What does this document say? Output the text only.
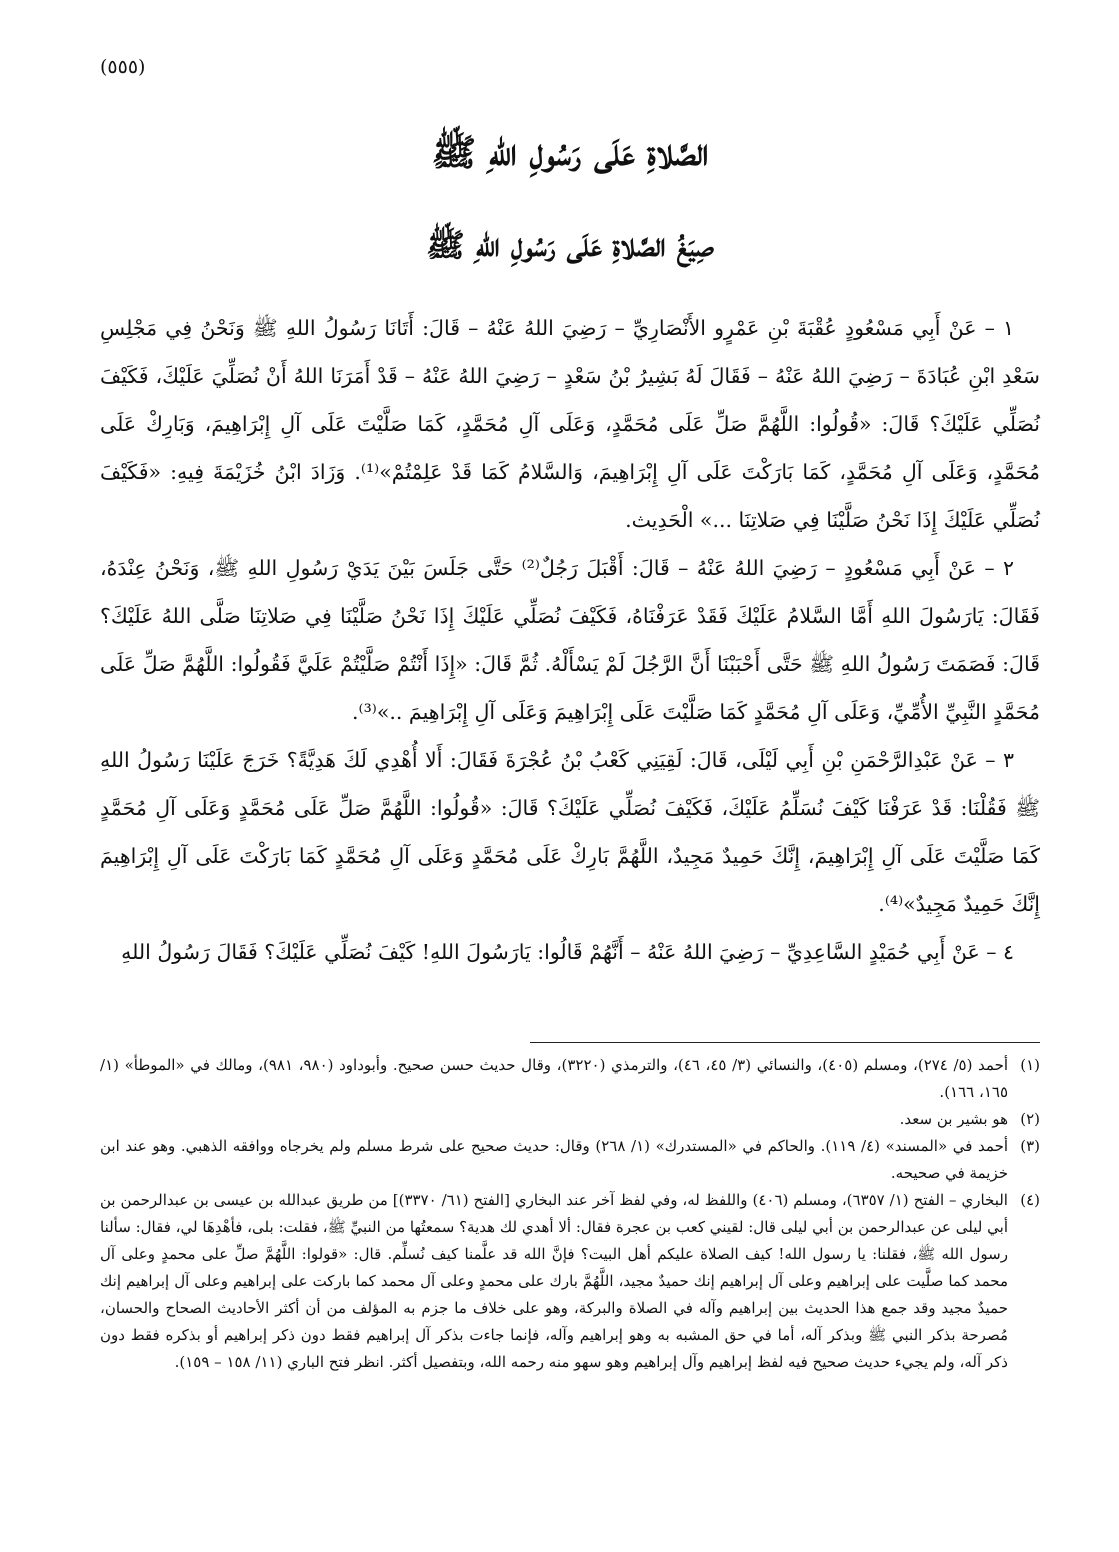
(٥٥٥)
الصَّلاةِ عَلَى رَسُولِ اللهِ ﷺ
صِيَغُ الصَّلاةِ عَلَى رَسُولِ اللهِ ﷺ

١ – عَنْ أَبِي مَسْعُودٍ عُقْبَةَ بْنِ عَمْرٍو الأَنْصَارِيِّ – رَضِيَ اللهُ عَنْهُ – قَالَ: أَتَانَا رَسُولُ اللهِ ﷺ وَنَحْنُ فِي مَجْلِسِ سَعْدِ ابْنِ عُبَادَةَ – رَضِيَ اللهُ عَنْهُ – فَقَالَ لَهُ بَشِيرُ بْنُ سَعْدٍ – رَضِيَ اللهُ عَنْهُ – قَدْ أَمَرَنَا اللهُ أَنْ نُصَلِّيَ عَلَيْكَ، فَكَيْفَ نُصَلِّي عَلَيْكَ؟ قَالَ: «قُولُوا: اللَّهُمَّ صَلِّ عَلَى مُحَمَّدٍ، وَعَلَى آلِ مُحَمَّدٍ، كَمَا صَلَّيْتَ عَلَى آلِ إِبْرَاهِيمَ، وَبَارِكْ عَلَى مُحَمَّدٍ، وَعَلَى آلِ مُحَمَّدٍ، كَمَا بَارَكْتَ عَلَى آلِ إِبْرَاهِيمَ، وَالسَّلامُ كَمَا قَدْ عَلِمْتُمْ»⁽¹⁾. وَزَادَ ابْنُ خُزَيْمَةَ فِيهِ: «فَكَيْفَ نُصَلِّي عَلَيْكَ إِذَا نَحْنُ صَلَّيْنَا فِي صَلاتِنَا ...» الْحَدِيث.

٢ – عَنْ أَبِي مَسْعُودٍ – رَضِيَ اللهُ عَنْهُ – قَالَ: أَقْبَلَ رَجُلٌ⁽²⁾ حَتَّى جَلَسَ بَيْنَ يَدَيْ رَسُولِ اللهِ ﷺ، وَنَحْنُ عِنْدَهُ، فَقَالَ: يَارَسُولَ اللهِ أَمَّا السَّلامُ عَلَيْكَ فَقَدْ عَرَفْنَاهُ، فَكَيْفَ نُصَلِّي عَلَيْكَ إِذَا نَحْنُ صَلَّيْنَا فِي صَلاتِنَا صَلَّى اللهُ عَلَيْكَ؟ قَالَ: فَصَمَتَ رَسُولُ اللهِ ﷺ حَتَّى أَحْبَبْنَا أَنَّ الرَّجُلَ لَمْ يَسْأَلْهُ. ثُمَّ قَالَ: «إِذَا أَنْتُمْ صَلَّيْتُمْ عَلَيَّ فَقُولُوا: اللَّهُمَّ صَلِّ عَلَى مُحَمَّدٍ النَّبِيِّ الأُمِّيِّ، وَعَلَى آلِ مُحَمَّدٍ كَمَا صَلَّيْتَ عَلَى إِبْرَاهِيمَ وَعَلَى آلِ إِبْرَاهِيمَ ..»⁽³⁾.

٣ – عَنْ عَبْدِالرَّحْمَنِ بْنِ أَبِي لَيْلَى، قَالَ: لَقِيَنِي كَعْبُ بْنُ عُجْرَةَ فَقَالَ: أَلا أُهْدِي لَكَ هَدِيَّةً؟ خَرَجَ عَلَيْنَا رَسُولُ اللهِ ﷺ فَقُلْنَا: قَدْ عَرَفْنَا كَيْفَ نُسَلِّمُ عَلَيْكَ، فَكَيْفَ نُصَلِّي عَلَيْكَ؟ قَالَ: «قُولُوا: اللَّهُمَّ صَلِّ عَلَى مُحَمَّدٍ وَعَلَى آلِ مُحَمَّدٍ كَمَا صَلَّيْتَ عَلَى آلِ إِبْرَاهِيمَ، إِنَّكَ حَمِيدٌ مَجِيدٌ، اللَّهُمَّ بَارِكْ عَلَى مُحَمَّدٍ وَعَلَى آلِ مُحَمَّدٍ كَمَا بَارَكْتَ عَلَى آلِ إِبْرَاهِيمَ إِنَّكَ حَمِيدٌ مَجِيدٌ»⁽⁴⁾.

٤ – عَنْ أَبِي حُمَيْدٍ السَّاعِدِيِّ – رَضِيَ اللهُ عَنْهُ – أَنَّهُمْ قَالُوا: يَارَسُولَ اللهِ! كَيْفَ نُصَلِّي عَلَيْكَ؟ فَقَالَ رَسُولُ اللهِ

(١)
أحمد (٥/ ٢٧٤)، ومسلم (٤٠٥)، والنسائي (٣/ ٤٥، ٤٦)، والترمذي (٣٢٢٠)، وقال حديث حسن صحيح. وأبوداود (٩٨٠، ٩٨١)، ومالك في «الموطأ» (١/ ١٦٥، ١٦٦).

(٢)
هو بشير بن سعد.

(٣)
أحمد في «المسند» (٤/ ١١٩). والحاكم في «المستدرك» (١/ ٢٦٨) وقال: حديث صحيح على شرط مسلم ولم يخرجاه ووافقه الذهبي. وهو عند ابن خزيمة في صحيحه.

(٤)
البخاري – الفتح (١/ ٦٣٥٧)، ومسلم (٤٠٦) واللفظ له، وفي لفظ آخر عند البخاري [الفتح (٦١/ ٣٣٧٠)] من طريق عبدالله بن عيسى بن عبدالرحمن بن أبي ليلى عن عبدالرحمن بن أبي ليلى قال: لقيني كعب بن عجرة فقال: ألا أهدي لك هدية؟ سمعتُها من النبيِّ ﷺ، فقلت: بلى، فأهْدِهَا لي، فقال: سألنا رسول الله ﷺ، فقلنا: يا رسول الله! كيف الصلاة عليكم أهل البيت؟ فإنَّ الله قد علَّمنا كيف نُسلِّم. قال: «قولوا: اللَّهُمَّ صلِّ على محمدٍ وعلى آل محمد كما صلَّيت على إبراهيم وعلى آل إبراهيم إنك حميدٌ مجيد، اللَّهُمَّ بارك على محمدٍ وعلى آل محمد كما باركت على إبراهيم وعلى آل إبراهيم إنك حميدٌ مجيد وقد جمع هذا الحديث بين إبراهيم وآله في الصلاة والبركة، وهو على خلاف ما جزم به المؤلف من أن أكثر الأحاديث الصحاح والحسان، مُصرحة بذكر النبي ﷺ وبذكر آله، أما في حق المشبه به وهو إبراهيم وآله، فإنما جاءت بذكر آل إبراهيم فقط دون ذكر إبراهيم أو بذكره فقط دون ذكر آله، ولم يجيء حديث صحيح فيه لفظ إبراهيم وآل إبراهيم وهو سهو منه رحمه الله، وبتفصيل أكثر. انظر فتح الباري (١١/ ١٥٨ – ١٥٩).
